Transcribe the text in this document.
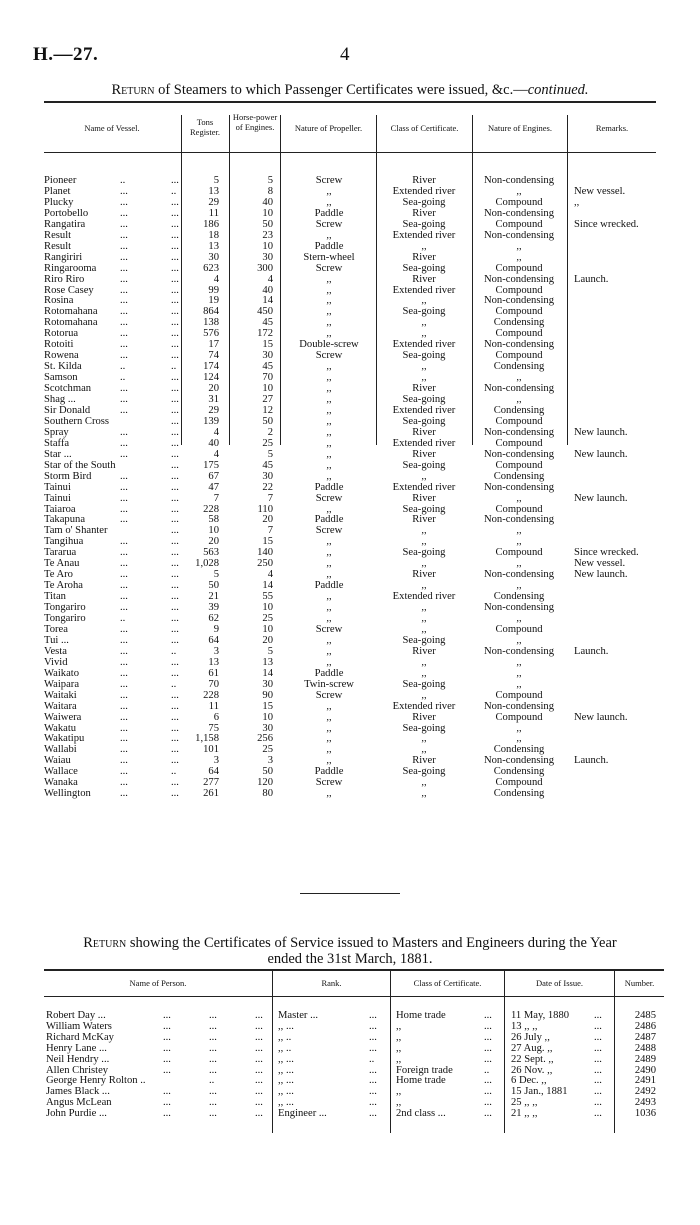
H.—27.	4
Return of Steamers to which Passenger Certificates were issued, &c.—continued.
Name of Vessel.
Tons Register.
Horse-power of Engines.	Nature of Propeller.	Class of Certificate.	Nature of Engines.	Remarks.
Pioneer	..	...	5	5	Screw	River	Non-condensing
Planet	...	..	13	8	,,	Extended river	,,	New vessel.
Plucky	...	...	29	40	,,	Sea-going	Compound	,,
Portobello	...	...	11	10	Paddle	River	Non-condensing
Rangatira	...	... 186	50	Screw	Sea-going	Compound	Since wrecked.
Result	...	...	18	23	,,	Extended river	Non-condensing
Result	...	...	13	10	Paddle	,,	,,
Rangiriri	...	...	30	30	Stern-wheel	River	,,
Ringarooma ...	... 623	300	Screw	Sea-going	Compound
Riro Riro	...	...	4	4	,,	River	Non-condensing	Launch.
Rose Casey ...	...	99	40	,,	Extended river	Compound
Rosina	...	...	19	14	,,	,,	Non-condensing
Rotomahana ...	... 864	450	,,	Sea-going	Compound
Rotomahana ...	... 138	45	,,	,,	Condensing
Rotorua	...	... 576	172	,,	,,	Compound
Rotoiti	...	...	17	15	Double-screw	Extended river	Non-condensing
Rowena	...	...	74	30	Screw	Sea-going	Compound
St. Kilda	..	..	174	45	,,	,,	Condensing
Samson	..	... 124	70	,,	,,	,,
Scotchman	...	...	20	10	,,	River	Non-condensing
Shag ...	...	...	31	27	,,	Sea-going	,,
Sir Donald	...	...	29	12	,,	Extended river	Condensing
Southern Cross	... 139	50	,,	Sea-going	Compound
Spray	...	...	4	2	,,	River	Non-condensing	New launch.
Staffa	...	...	40	25	,,	Extended river	Compound
Star ...	...	...	4	5	,,	River	Non-condensing	New launch.
Star of the South	... 175	45	,,	Sea-going	Compound
Storm Bird	...	...	67	30	,,	,,	Condensing
Tainui	...	...	47	22	Paddle	Extended river	Non-condensing
Tainui	...	...	7	7	Screw	River	,,	New launch.
Taiaroa	...	... 228	110	,,	Sea-going	Compound
Takapuna	...	...	58	20	Paddle	River	Non-condensing
Tam o' Shanter	...	10	7	Screw	,,	,,
Tangihua	...	...	20	15	,,	,,	,,
Tararua	...	... 563	140	,,	Sea-going	Compound	Since wrecked.
Te Anau	...	... 1,028	250	,,	,,	,,	New vessel.
Te Aro	...	...	5	4	,,	River	Non-condensing	New launch.
Te Aroha	...	...	50	14	Paddle	,,	,,
Titan	...	...	21	55	,,	Extended river	Condensing
Tongariro	...	...	39	10	,,	,,	Non-condensing
Tongariro	..	...	62	25	,,	,,	,,
Torea	...	...	9	10	Screw	,,	Compound
Tui ...	...	...	64	20	,,	Sea-going	,,
Vesta	...	..	3	5	,,	River	Non-condensing	Launch.
Vivid	...	...	13	13	,,	,,	,,
Waikato	...	...	61	14	Paddle	,,	,,
Waipara	...	..	70	30	Twin-screw	Sea-going	,,
Waitaki	...	... 228	90	Screw	,,	Compound
Waitara	...	...	11	15	,,	Extended river	Non-condensing
Waiwera	...	...	6	10	,,	River	Compound	New launch.
Wakatu	...	...	75	30	,,	Sea-going	,,
Wakatipu	...	... 1,158	256	,,	,,	,,
Wallabi	...	... 101	25	,,	,,	Condensing
Waiau	...	...	3	3	,,	River	Non-condensing	Launch.
Wallace	...	..	64	50	Paddle	Sea-going	Condensing
Wanaka	...	... 277	120	Screw	,,	Compound
Wellington	...	... 261	80	,,	,,	Condensing
Return showing the Certificates of Service issued to Masters and Engineers during the Year
ended the 31st March, 1881.
Name of Person.	Rank.	Class of Certificate.	Date of Issue.	Number.
Robert Day ...	...	...	... Master ...	... Home trade	... 11 May, 1880 ...	2485
William Waters	...	...	... ,, ...	... ,,	... 13 ,, ,,	...	2486
Richard McKay	...	...	... ,, ..	... ,,	... 26 July ,,	...	2487
Henry Lane ...	...	...	... ,, ..	... ,,	... 27 Aug. ,,	...	2488
Neil Hendry ...	...	...	... ,, ...	.. ,,	... 22 Sept. ,,	...	2489
Allen Christey	...	...	... ,, ...	... Foreign trade	.. 26 Nov. ,,	...	2490
George Henry Rolton ..	..	... ,, ...	... Home trade	... 6 Dec. ,,	...	2491
James Black ...	...	...	... ,, ...	... ,,	... 15 Jan., 1881	...	2492
Angus McLean	...	...	... ,, ...	... ,,	... 25 ,, ,,	...	2493
John Purdie ...	...	...	... Engineer ...	... 2nd class ...	... 21 ,, ,,	...	1036
